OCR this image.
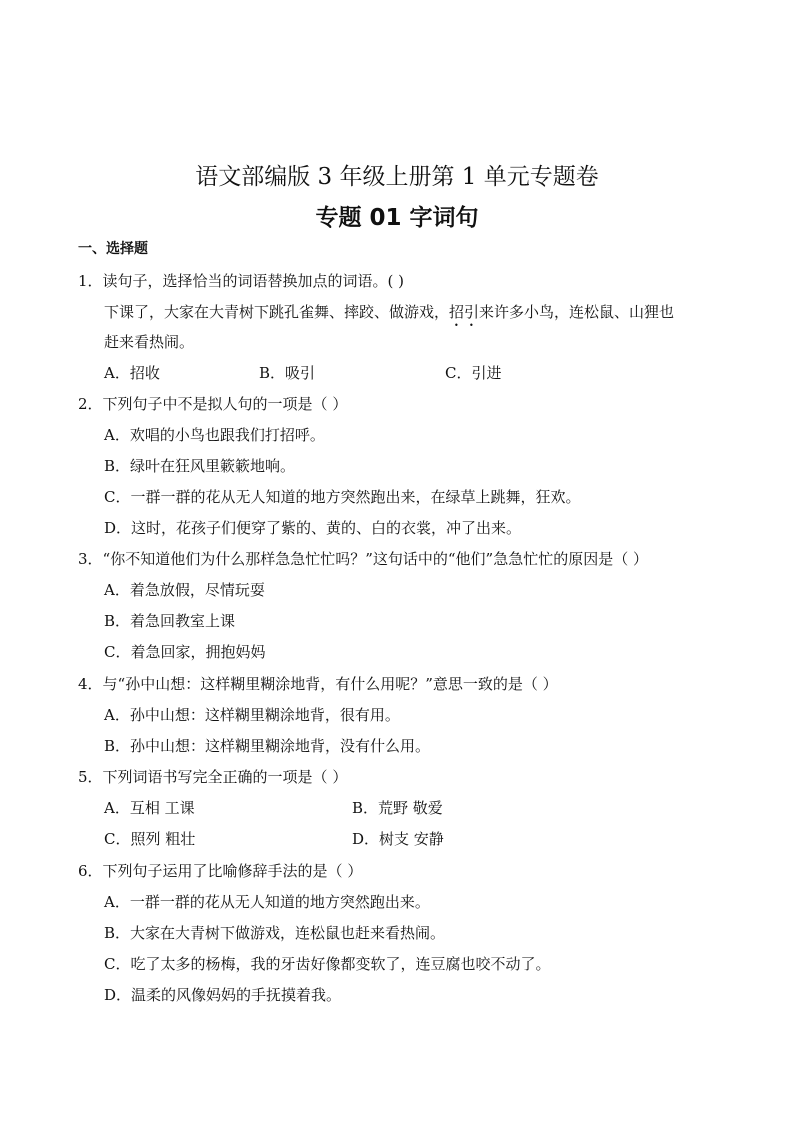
语文部编版 3 年级上册第 1 单元专题卷
专题 01 字词句
一、选择题
1．读句子，选择恰当的词语替换加点的词语。( )
下课了，大家在大青树下跳孔雀舞、摔跤、做游戏，招引来许多小鸟，连松鼠、山狸也
赶来看热闹。
A．招收	B．吸引	C．引进
2．下列句子中不是拟人句的一项是（ ）
A．欢唱的小鸟也跟我们打招呼。
B．绿叶在狂风里簌簌地响。
C．一群一群的花从无人知道的地方突然跑出来，在绿草上跳舞，狂欢。
D．这时，花孩子们便穿了紫的、黄的、白的衣裳，冲了出来。
3．“你不知道他们为什么那样急急忙忙吗？”这句话中的“他们”急急忙忙的原因是（ ）
A．着急放假，尽情玩耍
B．着急回教室上课
C．着急回家，拥抱妈妈
4．与“孙中山想：这样糊里糊涂地背，有什么用呢？”意思一致的是（ ）
A．孙中山想：这样糊里糊涂地背，很有用。
B．孙中山想：这样糊里糊涂地背，没有什么用。
5．下列词语书写完全正确的一项是（ ）
A．互相 工课	B．荒野 敬爱
C．照列 粗壮	D．树支 安静
6．下列句子运用了比喻修辞手法的是（ ）
A．一群一群的花从无人知道的地方突然跑出来。
B．大家在大青树下做游戏，连松鼠也赶来看热闹。
C．吃了太多的杨梅，我的牙齿好像都变软了，连豆腐也咬不动了。
D．温柔的风像妈妈的手抚摸着我。
